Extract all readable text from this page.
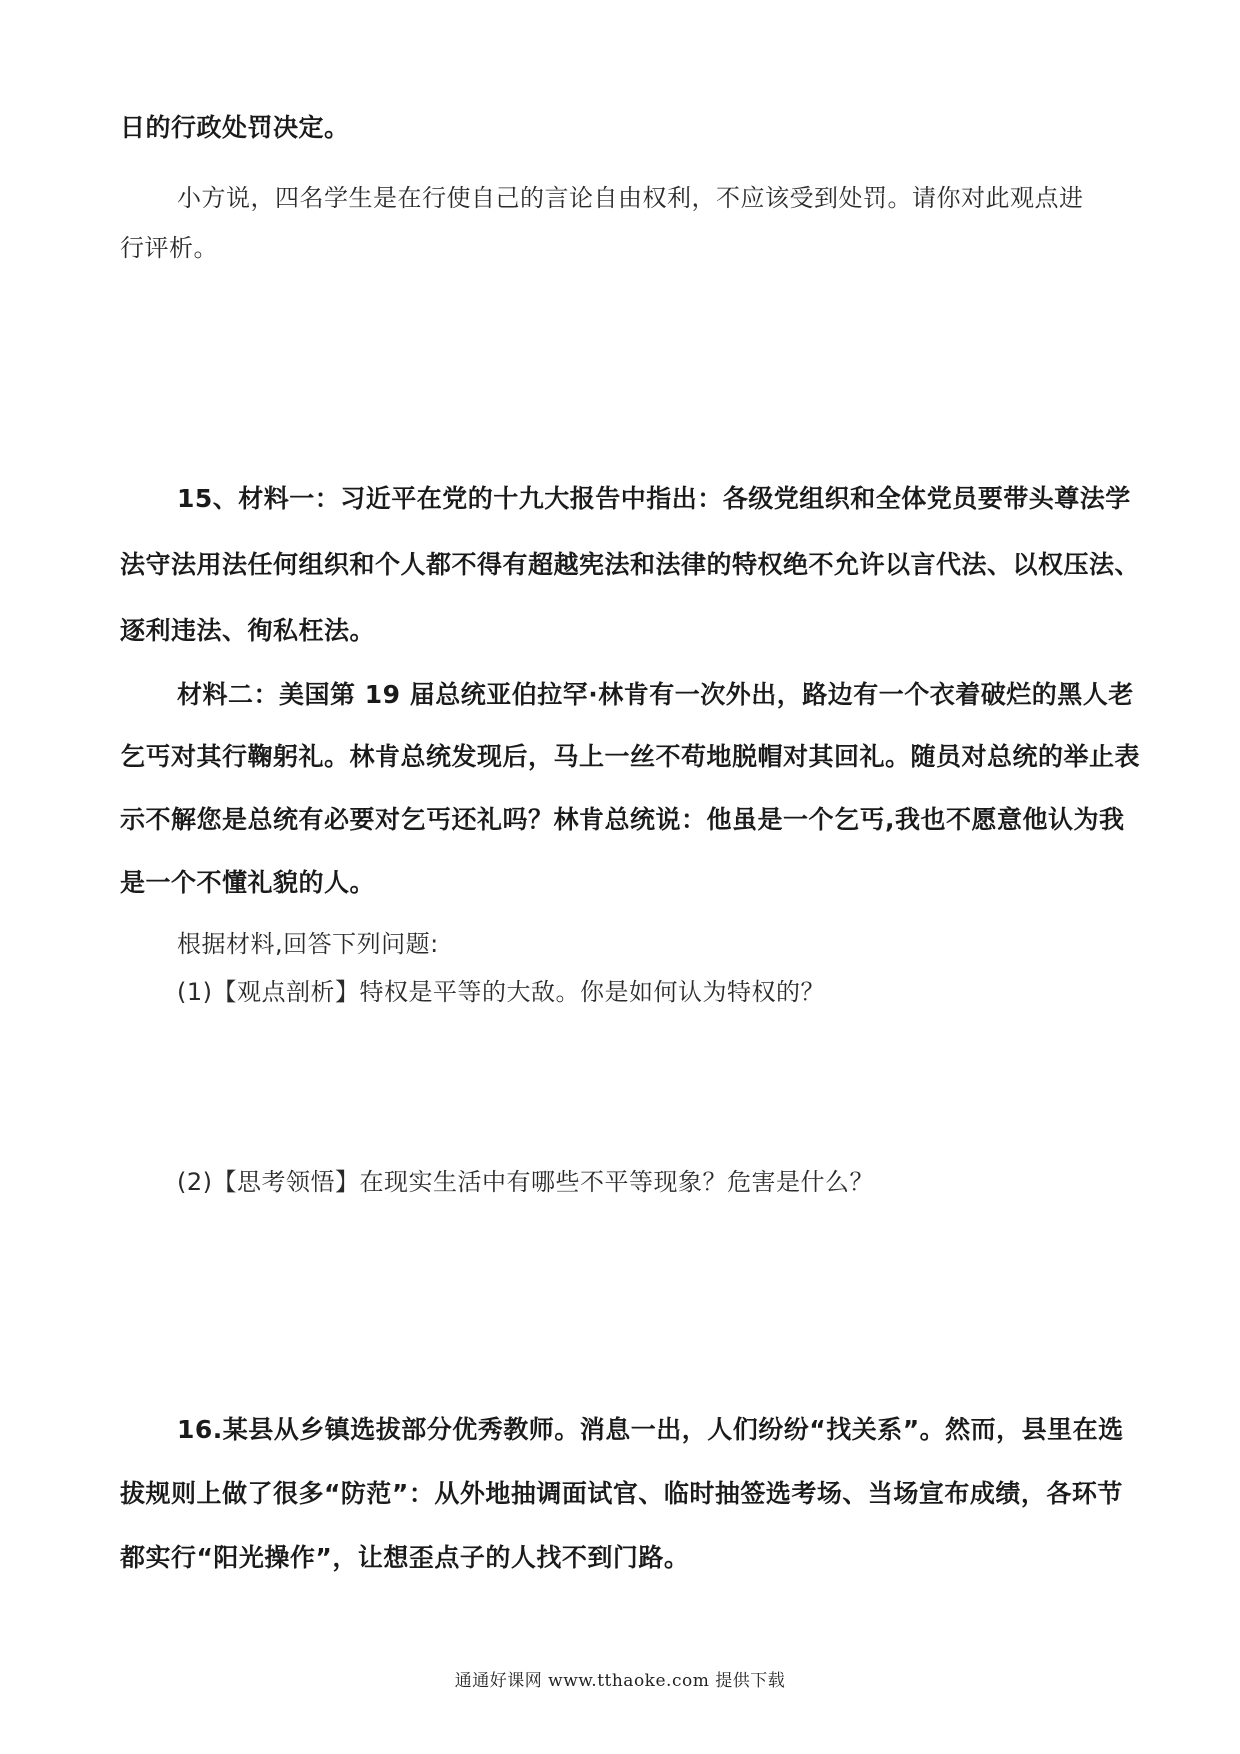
日的行政处罚决定。
小方说，四名学生是在行使自己的言论自由权利，不应该受到处罚。请你对此观点进
行评析。
15、材料一：习近平在党的十九大报告中指出：各级党组织和全体党员要带头尊法学
法守法用法任何组织和个人都不得有超越宪法和法律的特权绝不允许以言代法、以权压法、
逐利违法、徇私枉法。
材料二：美国第 19 届总统亚伯拉罕·林肯有一次外出，路边有一个衣着破烂的黑人老
乞丐对其行鞠躬礼。林肯总统发现后，马上一丝不苟地脱帽对其回礼。随员对总统的举止表
示不解您是总统有必要对乞丐还礼吗？林肯总统说：他虽是一个乞丐,我也不愿意他认为我
是一个不懂礼貌的人。
根据材料,回答下列问题:
(1)【观点剖析】特权是平等的大敌。你是如何认为特权的？
(2)【思考领悟】在现实生活中有哪些不平等现象？危害是什么？
16.某县从乡镇选拔部分优秀教师。消息一出，人们纷纷“找关系”。然而，县里在选
拔规则上做了很多“防范”：从外地抽调面试官、临时抽签选考场、当场宣布成绩，各环节
都实行“阳光操作”，让想歪点子的人找不到门路。
通通好课网 www.tthaoke.com 提供下载
